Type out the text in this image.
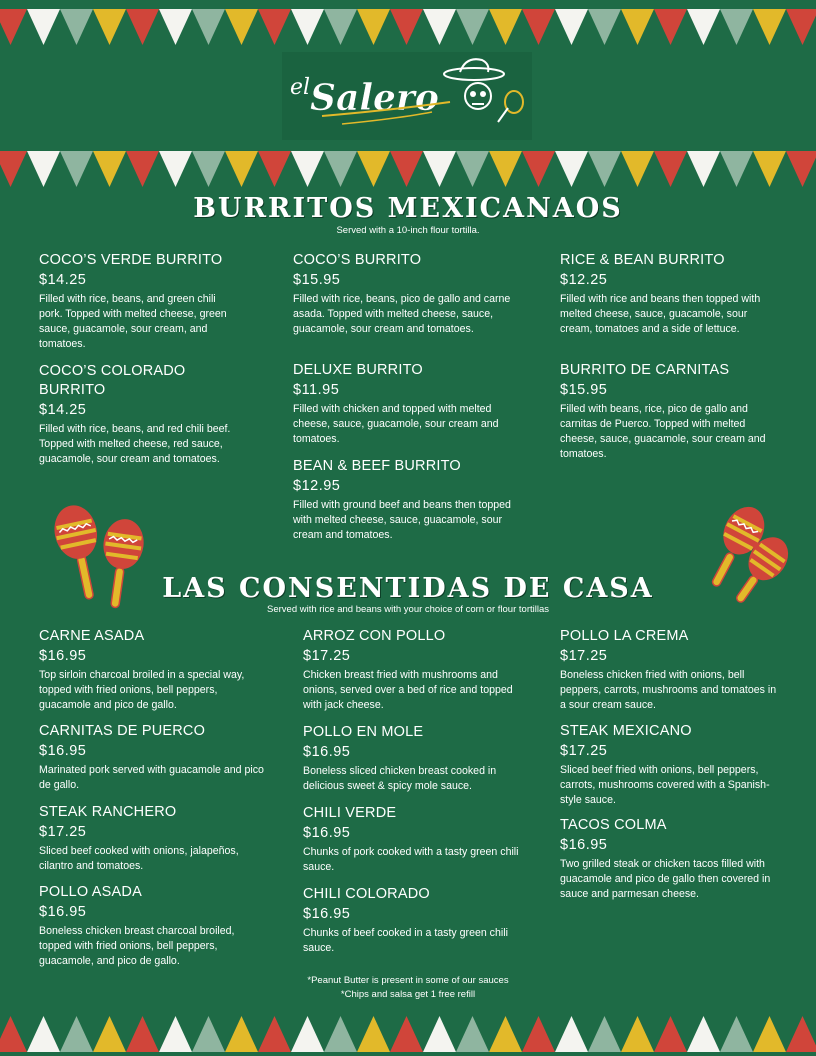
el Salero
BURRITOS MEXICANAOS
Served with a 10-inch flour tortilla.
COCO’S VERDE BURRITO
$14.25
Filled with rice, beans, and green chili pork. Topped with melted cheese, green sauce, guacamole, sour cream, and tomatoes.
COCO’S COLORADO BURRITO
$14.25
Filled with rice, beans, and red chili beef. Topped with melted cheese, red sauce, guacamole, sour cream and tomatoes.
COCO’S BURRITO
$15.95
Filled with rice, beans, pico de gallo and carne asada. Topped with melted cheese, sauce, guacamole, sour cream and tomatoes.
DELUXE BURRITO
$11.95
Filled with chicken and topped with melted cheese, sauce, guacamole, sour cream and tomatoes.
BEAN & BEEF BURRITO
$12.95
Filled with ground beef and beans then topped with melted cheese, sauce, guacamole, sour cream and tomatoes.
RICE & BEAN BURRITO
$12.25
Filled with rice and beans then topped with melted cheese, sauce, guacamole, sour cream, tomatoes and a side of lettuce.
BURRITO DE CARNITAS
$15.95
Filled with beans, rice, pico de gallo and carnitas de Puerco. Topped with melted cheese, sauce, guacamole, sour cream and tomatoes.
LAS CONSENTIDAS DE CASA
Served with rice and beans with your choice of corn or flour tortillas
CARNE ASADA
$16.95
Top sirloin charcoal broiled in a special way, topped with fried onions, bell peppers, guacamole and pico de gallo.
CARNITAS DE PUERCO
$16.95
Marinated pork served with guacamole and pico de gallo.
STEAK RANCHERO
$17.25
Sliced beef cooked with onions, jalapeños, cilantro and tomatoes.
POLLO ASADA
$16.95
Boneless chicken breast charcoal broiled, topped with fried onions, bell peppers, guacamole, and pico de gallo.
ARROZ CON POLLO
$17.25
Chicken breast fried with mushrooms and onions, served over a bed of rice and topped with jack cheese.
POLLO EN MOLE
$16.95
Boneless sliced chicken breast cooked in delicious sweet & spicy mole sauce.
CHILI VERDE
$16.95
Chunks of pork cooked with a tasty green chili sauce.
CHILI COLORADO
$16.95
Chunks of beef cooked in a tasty green chili sauce.
POLLO LA CREMA
$17.25
Boneless chicken fried with onions, bell peppers, carrots, mushrooms and tomatoes in a sour cream sauce.
STEAK MEXICANO
$17.25
Sliced beef fried with onions, bell peppers, carrots, mushrooms covered with a Spanish-style sauce.
TACOS COLMA
$16.95
Two grilled steak or chicken tacos filled with guacamole and pico de gallo then covered in sauce and parmesan cheese.
*Peanut Butter is present in some of our sauces
*Chips and salsa get 1 free refill
